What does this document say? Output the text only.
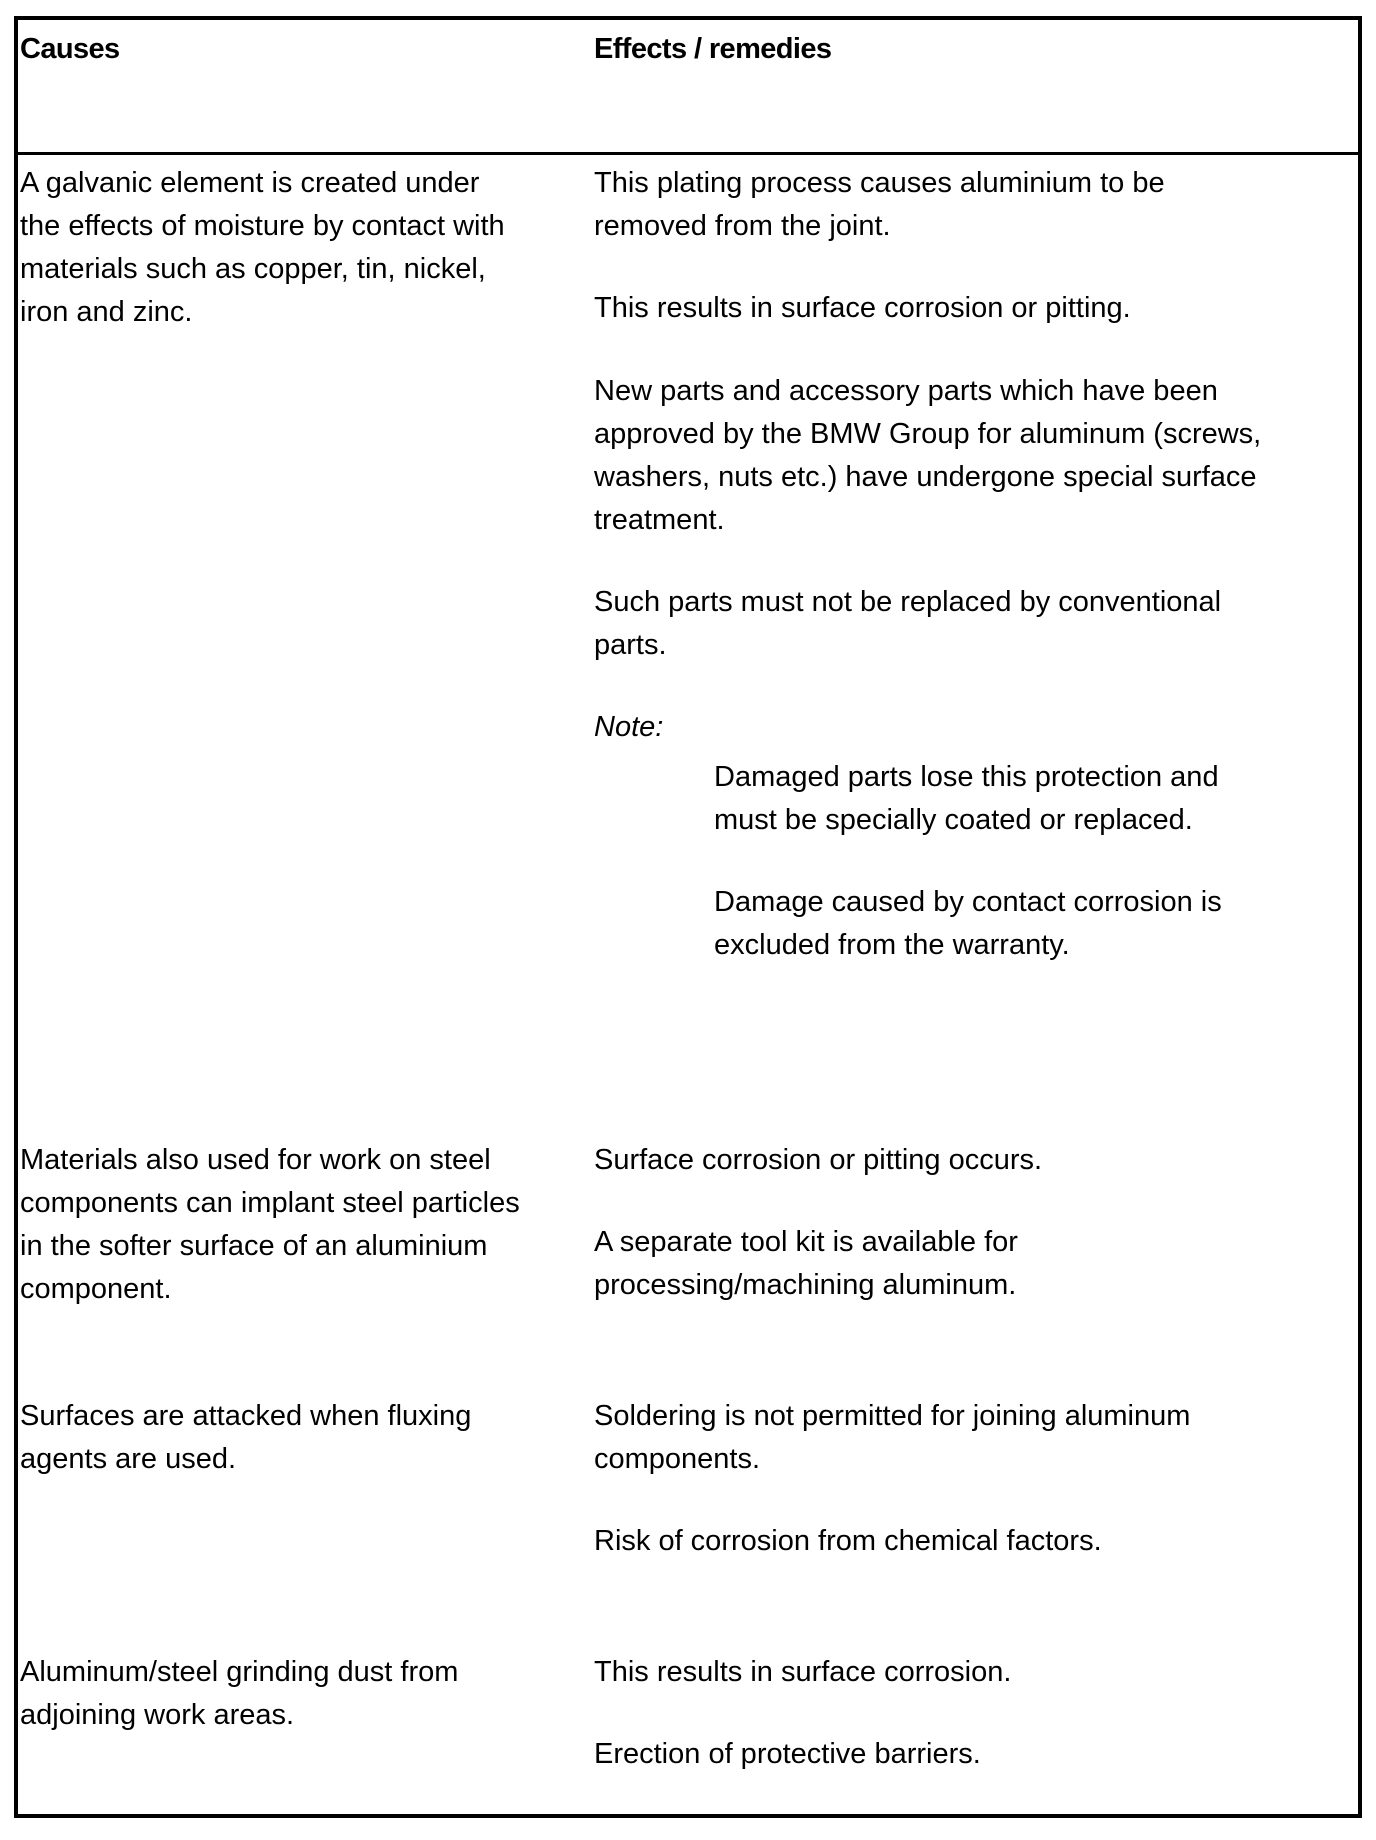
Causes	Effects / remedies
A galvanic element is created under
the effects of moisture by contact with
materials such as copper, tin, nickel,
iron and zinc.
This plating process causes aluminium to be
removed from the joint.
This results in surface corrosion or pitting.
New parts and accessory parts which have been
approved by the BMW Group for aluminum (screws,
washers, nuts etc.) have undergone special surface
treatment.
Such parts must not be replaced by conventional
parts.
Note:
Damaged parts lose this protection and
must be specially coated or replaced.
Damage caused by contact corrosion is
excluded from the warranty.
Materials also used for work on steel
components can implant steel particles
in the softer surface of an aluminium
component.
Surface corrosion or pitting occurs.
A separate tool kit is available for
processing/machining aluminum.
Surfaces are attacked when fluxing
agents are used.
Soldering is not permitted for joining aluminum
components.
Risk of corrosion from chemical factors.
Aluminum/steel grinding dust from
adjoining work areas.
This results in surface corrosion.
Erection of protective barriers.
